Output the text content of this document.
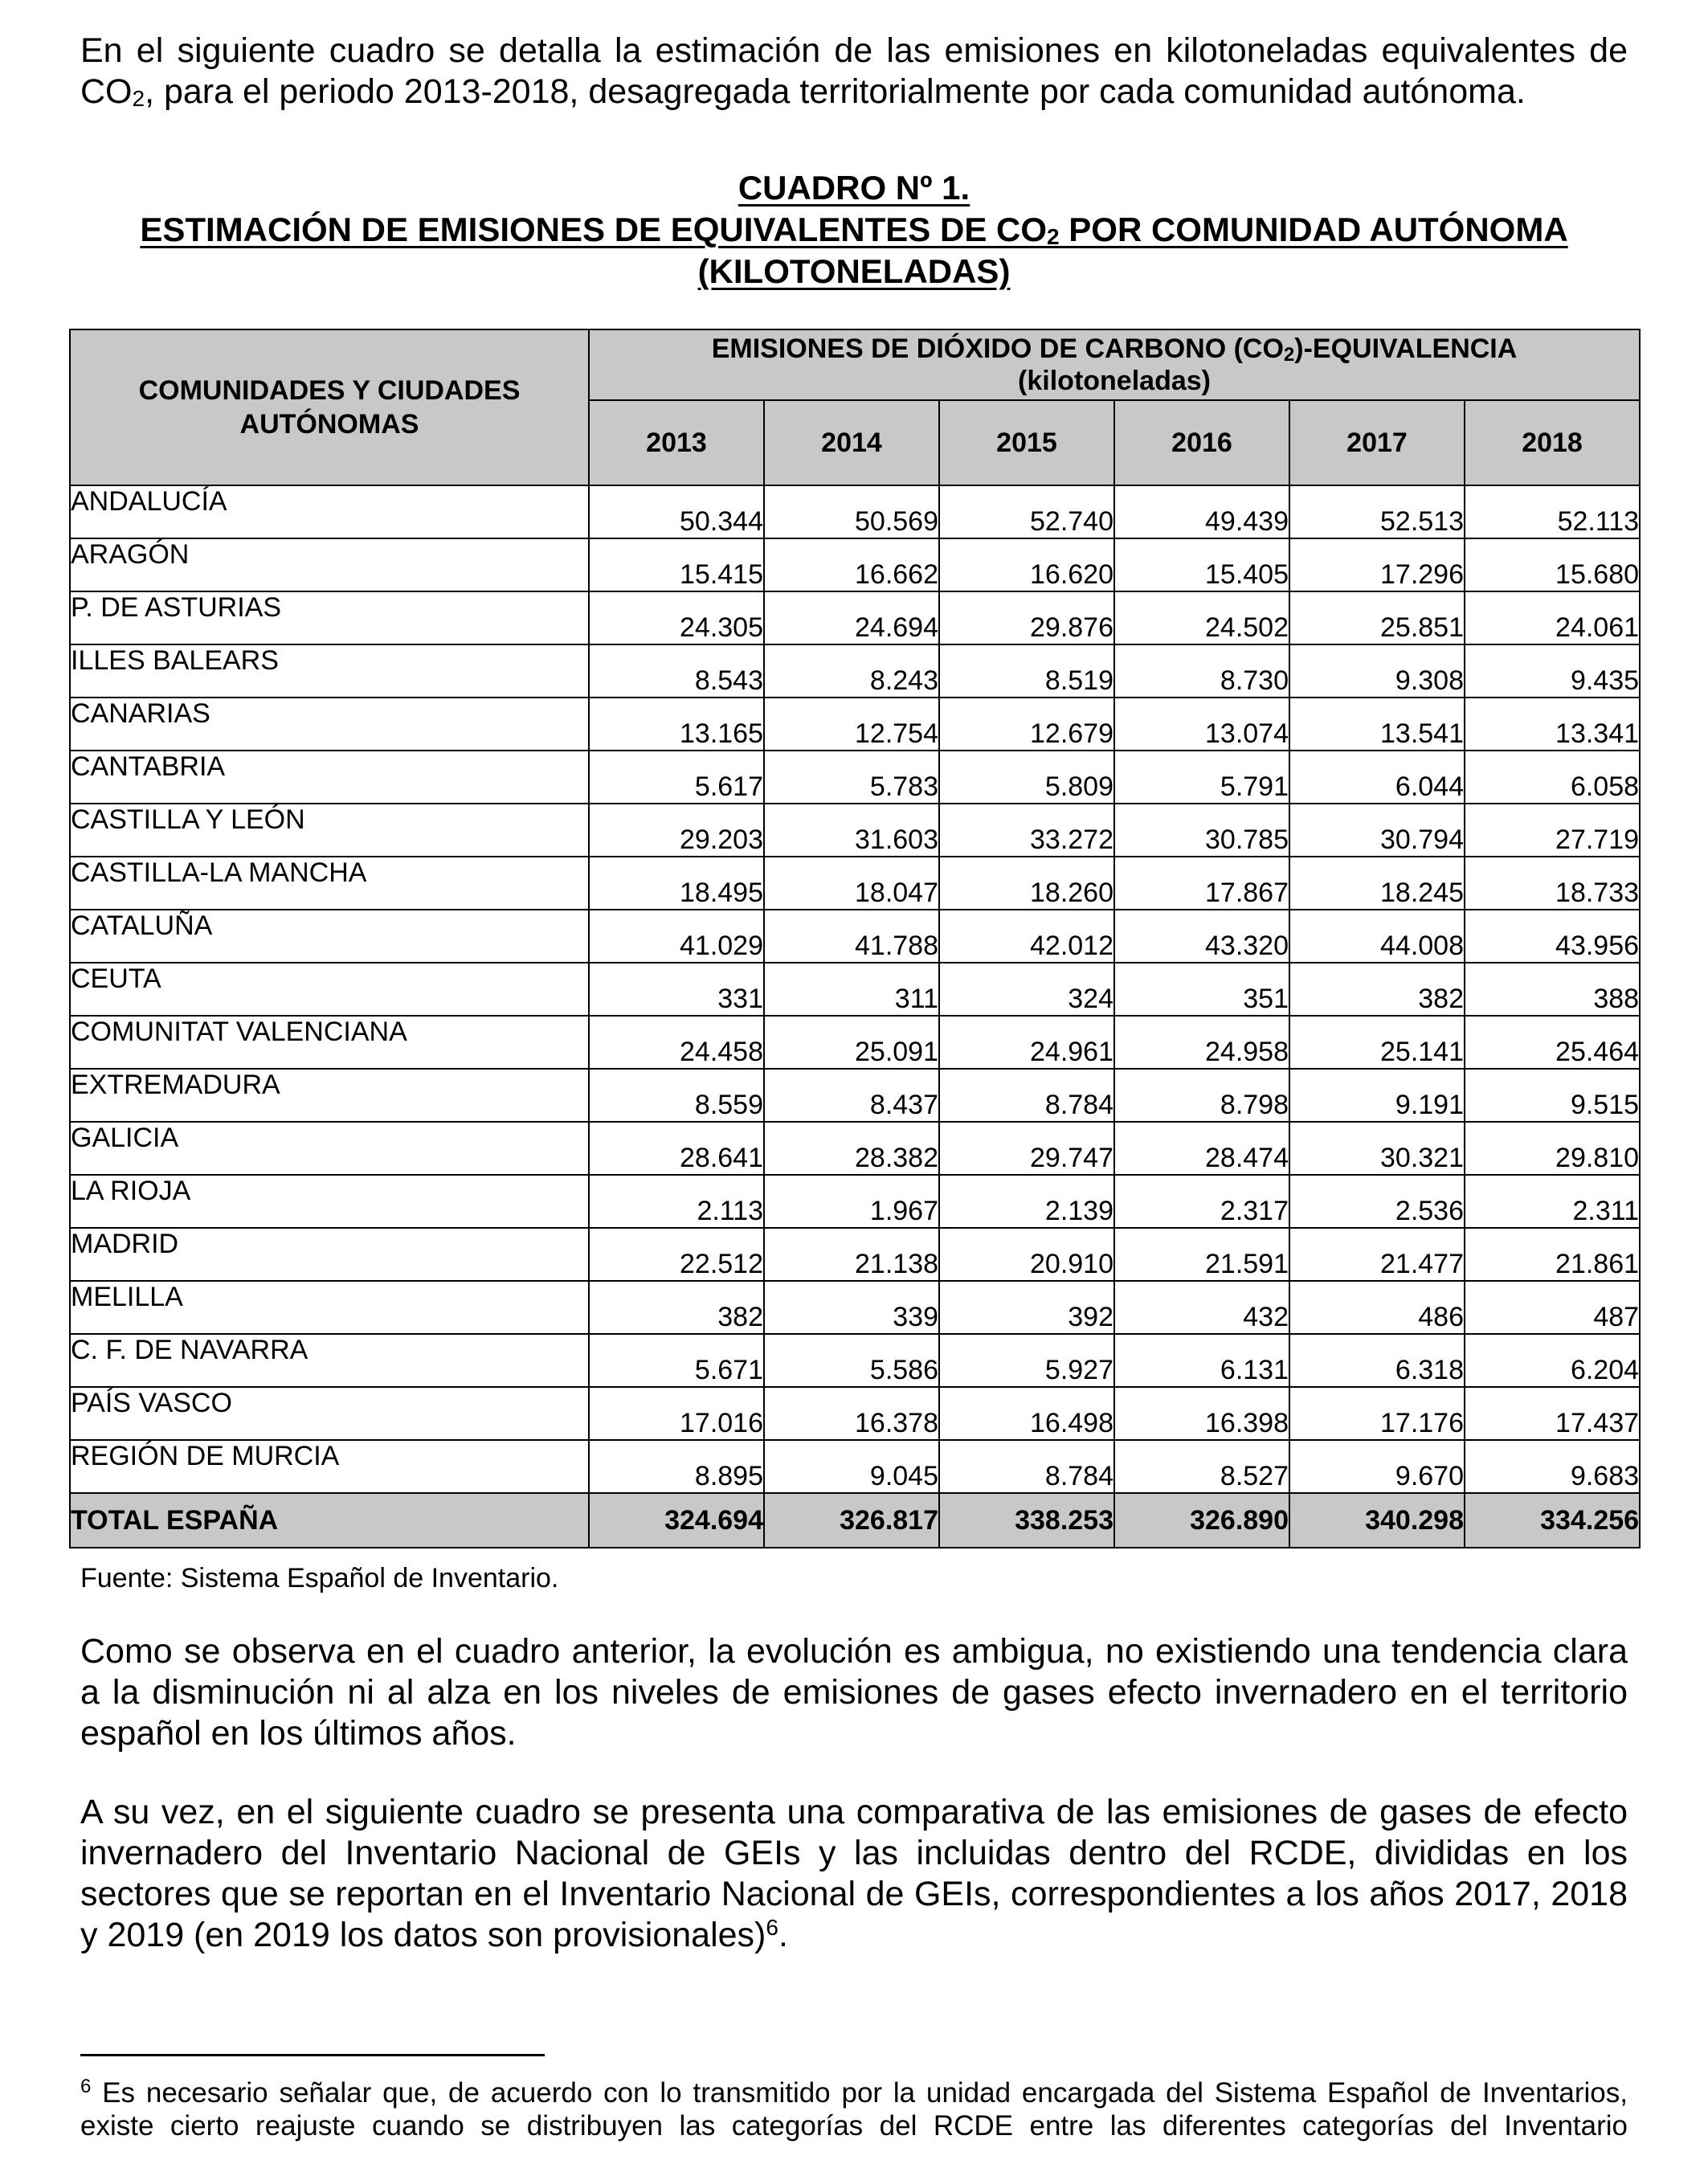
En el siguiente cuadro se detalla la estimación de las emisiones en kilotoneladas equivalentes de $CO_2$, para el periodo 2013-2018, desagregada territorialmente por cada comunidad autónoma.

CUADRO Nº 1.
ESTIMACIÓN DE EMISIONES DE EQUIVALENTES DE $CO_2$ POR COMUNIDAD AUTÓNOMA
(KILOTONELADAS)
COMUNIDADES Y CIUDADES AUTÓNOMAS	EMISIONES DE DIÓXIDO DE CARBONO $(CO_2)$-EQUIVALENCIA
(kilotoneladas)					
	2013	2014	2015	2016	2017	2018
ANDALUCÍA	50.344	50.569	52.740	49.439	52.513	52.113
ARAGÓN	15.415	16.662	16.620	15.405	17.296	15.680
P. DE ASTURIAS	24.305	24.694	29.876	24.502	25.851	24.061
ILLES BALEARS	8.543	8.243	8.519	8.730	9.308	9.435
CANARIAS	13.165	12.754	12.679	13.074	13.541	13.341
CANTABRIA	5.617	5.783	5.809	5.791	6.044	6.058
CASTILLA Y LEÓN	29.203	31.603	33.272	30.785	30.794	27.719
CASTILLA-LA MANCHA	18.495	18.047	18.260	17.867	18.245	18.733
CATALUÑA	41.029	41.788	42.012	43.320	44.008	43.956
CEUTA	331	311	324	351	382	388
COMUNITAT VALENCIANA	24.458	25.091	24.961	24.958	25.141	25.464
EXTREMADURA	8.559	8.437	8.784	8.798	9.191	9.515
GALICIA	28.641	28.382	29.747	28.474	30.321	29.810
LA RIOJA	2.113	1.967	2.139	2.317	2.536	2.311
MADRID	22.512	21.138	20.910	21.591	21.477	21.861
MELILLA	382	339	392	432	486	487
C. F. DE NAVARRA	5.671	5.586	5.927	6.131	6.318	6.204
PAÍS VASCO	17.016	16.378	16.498	16.398	17.176	17.437
REGIÓN DE MURCIA	8.895	9.045	8.784	8.527	9.670	9.683
TOTAL ESPAÑA	324.694	326.817	338.253	326.890	340.298	334.256
Fuente: Sistema Español de Inventario.

Como se observa en el cuadro anterior, la evolución es ambigua, no existiendo una tendencia clara a la disminución ni al alza en los niveles de emisiones de gases efecto invernadero en el territorio español en los últimos años.

A su vez, en el siguiente cuadro se presenta una comparativa de las emisiones de gases de efecto invernadero del Inventario Nacional de GEIs y las incluidas dentro del RCDE, divididas en los sectores que se reportan en el Inventario Nacional de GEIs, correspondientes a los años 2017, 2018 y 2019 (en 2019 los datos son provisionales)$^6$.

$^6$ Es necesario señalar que, de acuerdo con lo transmitido por la unidad encargada del Sistema Español de Inventarios,
existe cierto reajuste cuando se distribuyen las categorías del RCDE entre las diferentes categorías del Inventario
